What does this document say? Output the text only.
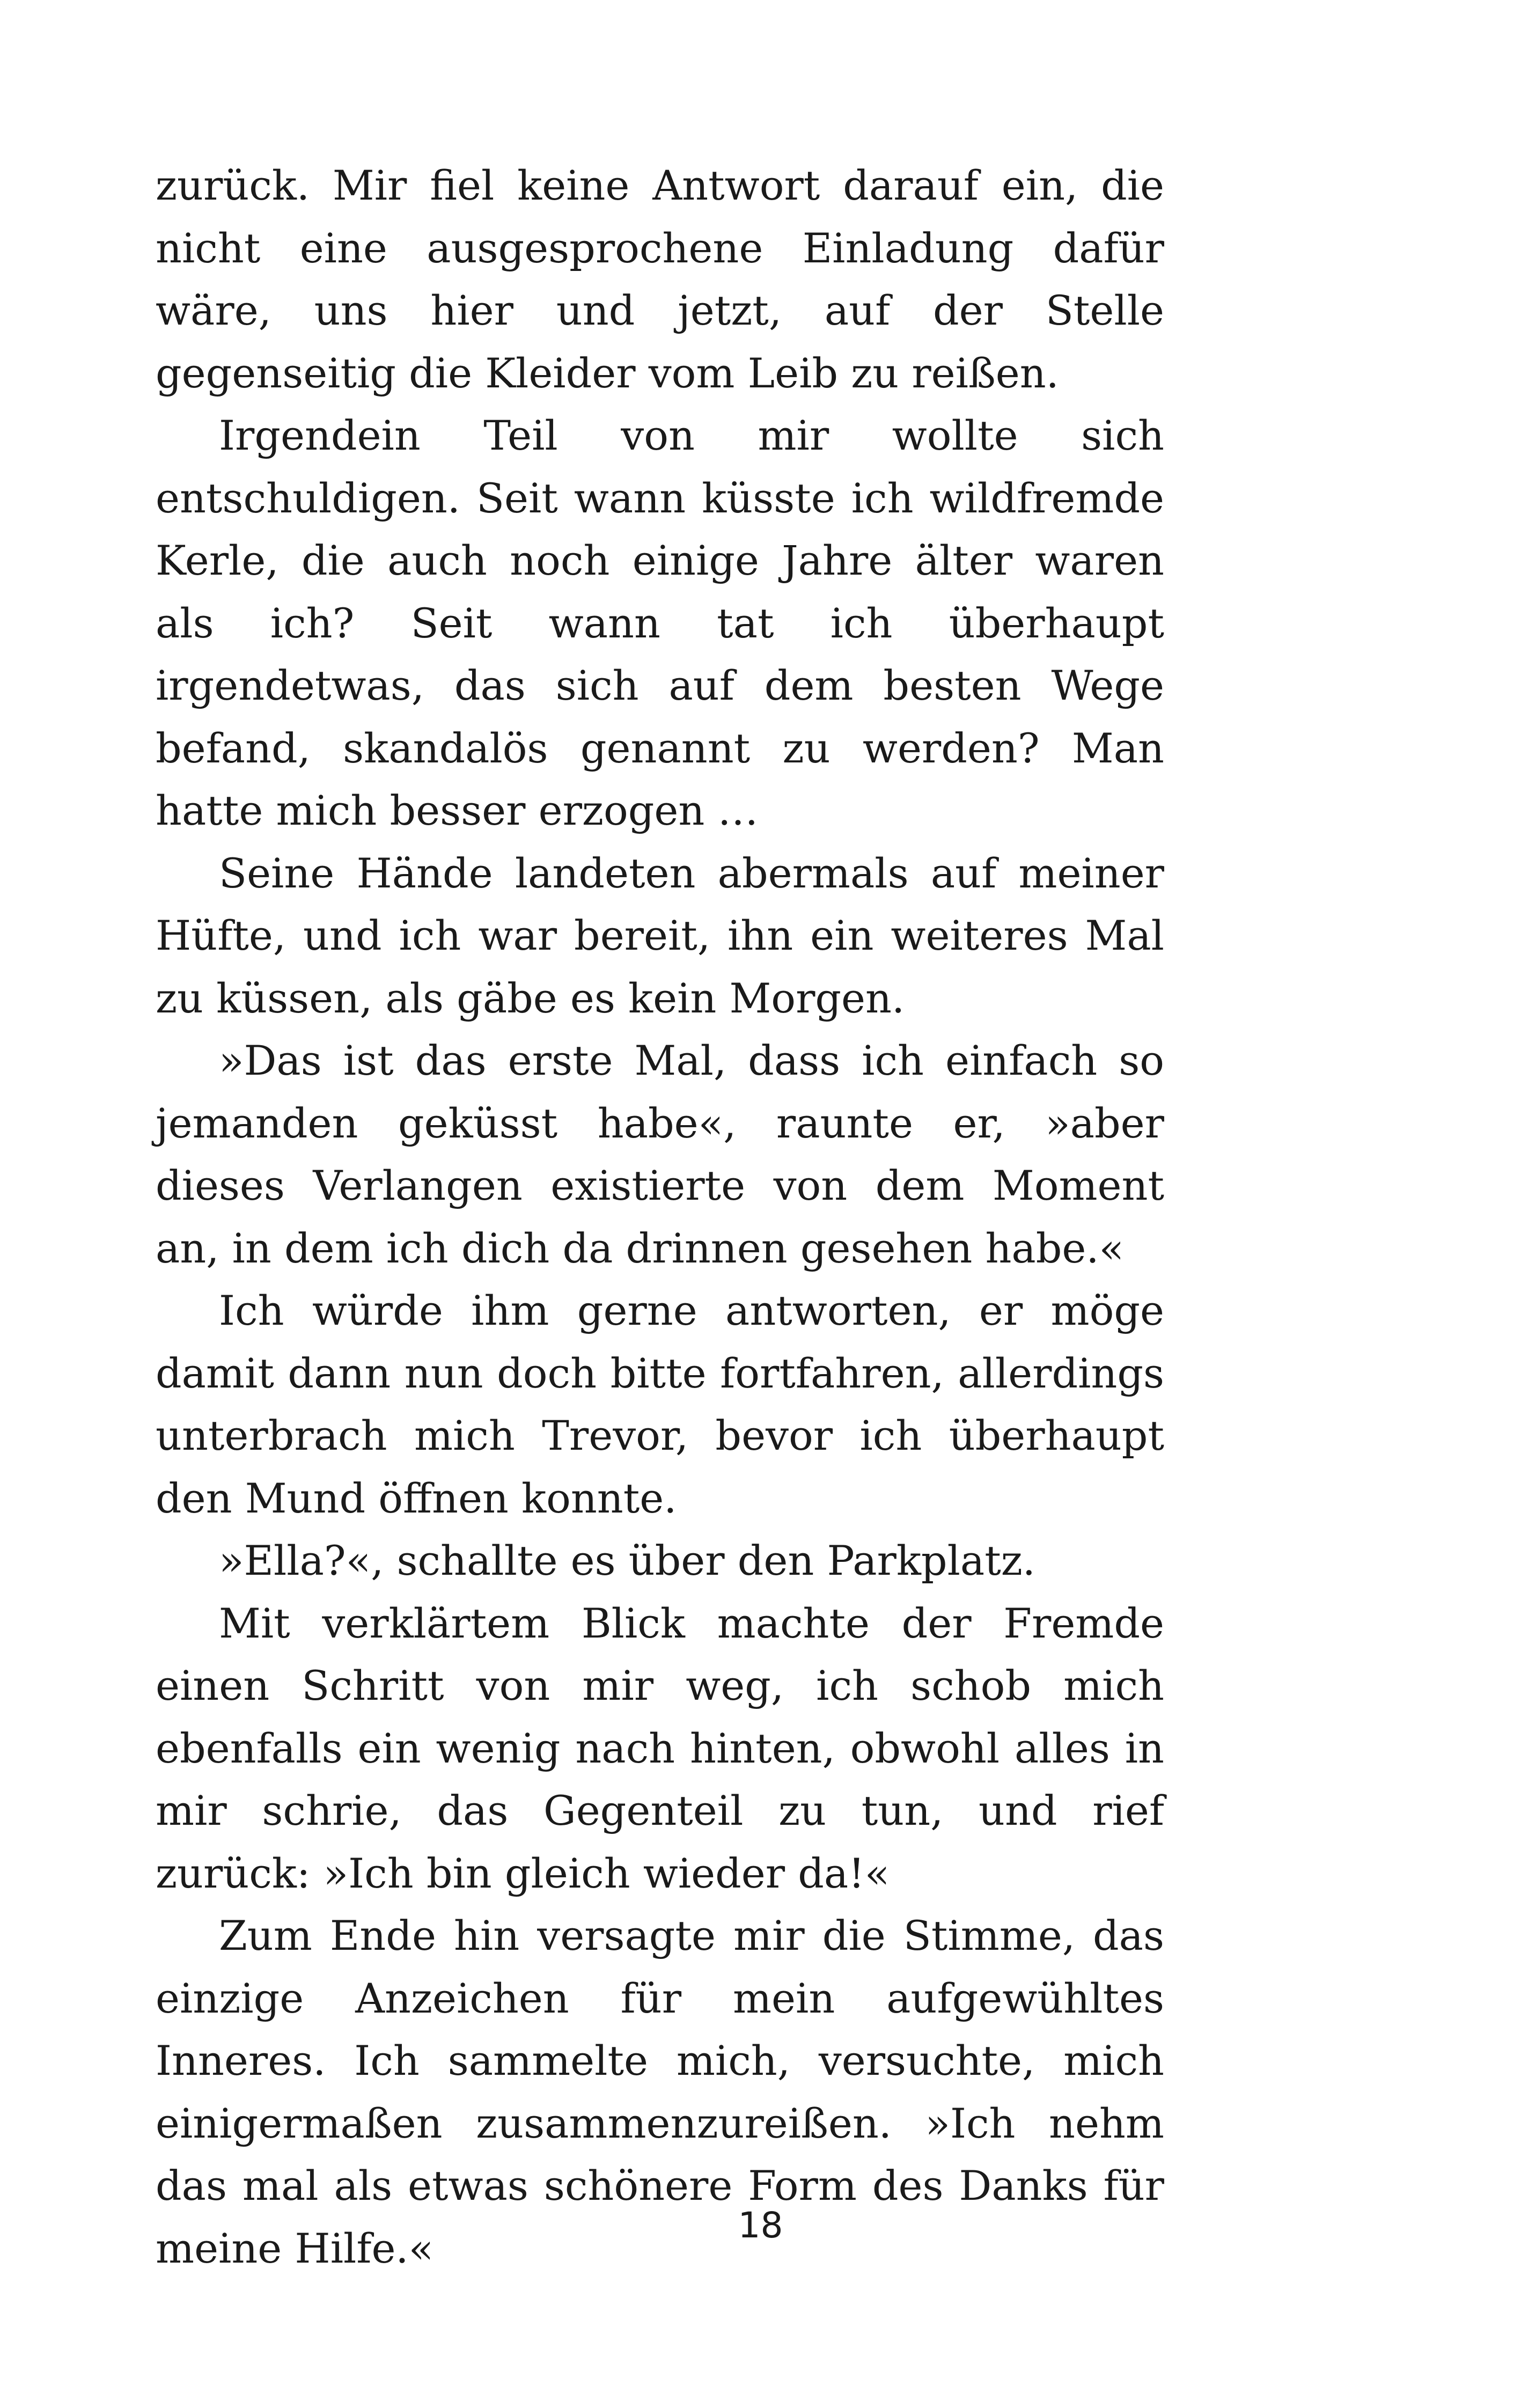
zurück. Mir fiel keine Antwort darauf ein, die nicht eine ausgesprochene Einladung dafür wäre, uns hier und jetzt, auf der Stelle gegenseitig die Kleider vom Leib zu reißen.

Irgendein Teil von mir wollte sich entschuldigen. Seit wann küsste ich wildfremde Kerle, die auch noch einige Jahre älter waren als ich? Seit wann tat ich überhaupt irgendetwas, das sich auf dem besten Wege befand, skandalös genannt zu werden? Man hatte mich besser erzogen …

Seine Hände landeten abermals auf meiner Hüfte, und ich war bereit, ihn ein weiteres Mal zu küssen, als gäbe es kein Morgen.

»Das ist das erste Mal, dass ich einfach so jemanden geküsst habe«, raunte er, »aber dieses Verlangen existierte von dem Moment an, in dem ich dich da drinnen gesehen habe.«

Ich würde ihm gerne antworten, er möge damit dann nun doch bitte fortfahren, allerdings unterbrach mich Trevor, bevor ich überhaupt den Mund öffnen konnte.

»Ella?«, schallte es über den Parkplatz.

Mit verklärtem Blick machte der Fremde einen Schritt von mir weg, ich schob mich ebenfalls ein wenig nach hinten, obwohl alles in mir schrie, das Gegenteil zu tun, und rief zurück: »Ich bin gleich wieder da!«

Zum Ende hin versagte mir die Stimme, das einzige Anzeichen für mein aufgewühltes Inneres. Ich sammelte mich, versuchte, mich einigermaßen zusammenzureißen. »Ich nehm das mal als etwas schönere Form des Danks für meine Hilfe.«	18
